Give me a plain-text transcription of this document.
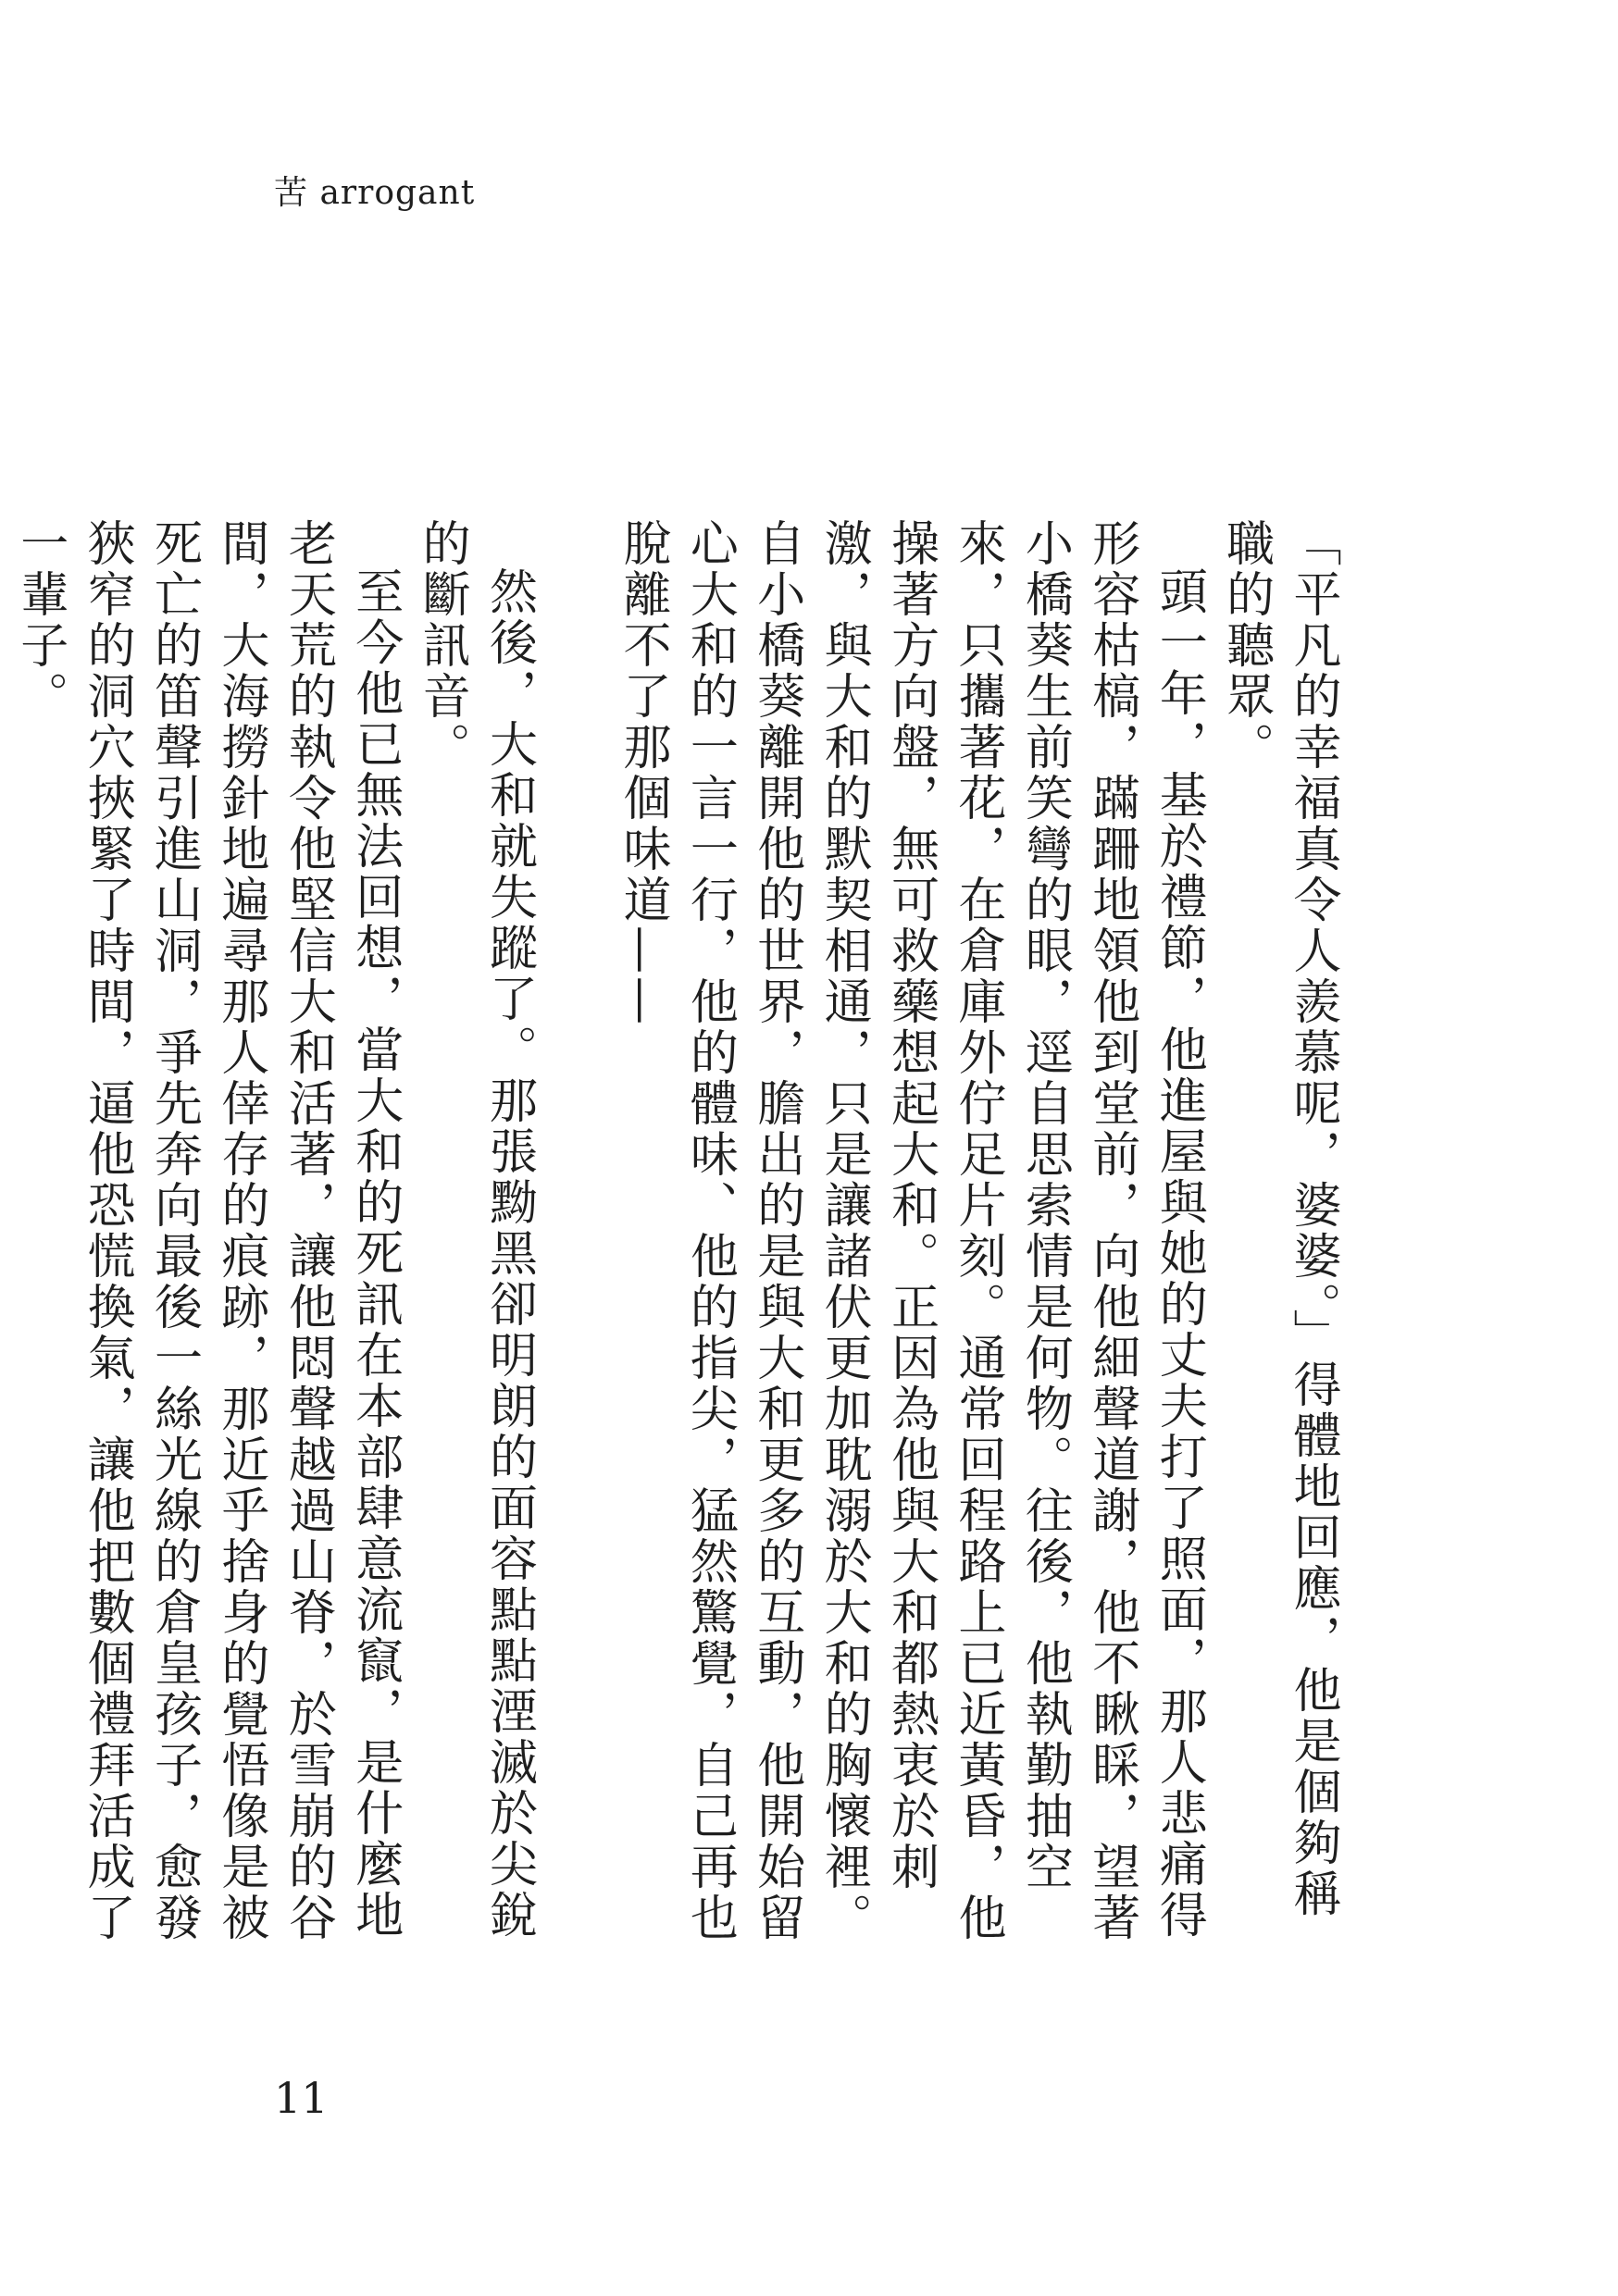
苦 arrogant

「平凡的幸福真令人羨慕呢，婆婆。」得體地回應，他是個夠稱職的聽眾。

頭一年，基於禮節，他進屋與她的丈夫打了照面，那人悲痛得形容枯槁，蹣跚地領他到堂前，向他細聲道謝，他不瞅睬，望著小橋葵生前笑彎的眼，逕自思索情是何物。往後，他執勤抽空來，只攜著花，在倉庫外佇足片刻。通常回程路上已近黃昏，他操著方向盤，無可救藥想起大和。正因為他與大和都熱衷於刺激，與大和的默契相通，只是讓諸伏更加耽溺於大和的胸懷裡。自小橋葵離開他的世界，膽出的是與大和更多的互動，他開始留心大和的一言一行，他的體味、他的指尖，猛然驚覺，自己再也脫離不了那個味道——

然後，大和就失蹤了。那張黝黑卻明朗的面容點點湮滅於尖銳的斷訊音。

至今他已無法回想，當大和的死訊在本部肆意流竄，是什麼地老天荒的執令他堅信大和活著，讓他悶聲越過山脊，於雪崩的谷間，大海撈針地遍尋那人倖存的痕跡，那近乎捨身的覺悟像是被死亡的笛聲引進山洞，爭先奔向最後一絲光線的倉皇孩子，愈發狹窄的洞穴挾緊了時間，逼他恐慌換氣，讓他把數個禮拜活成了一輩子。

11
